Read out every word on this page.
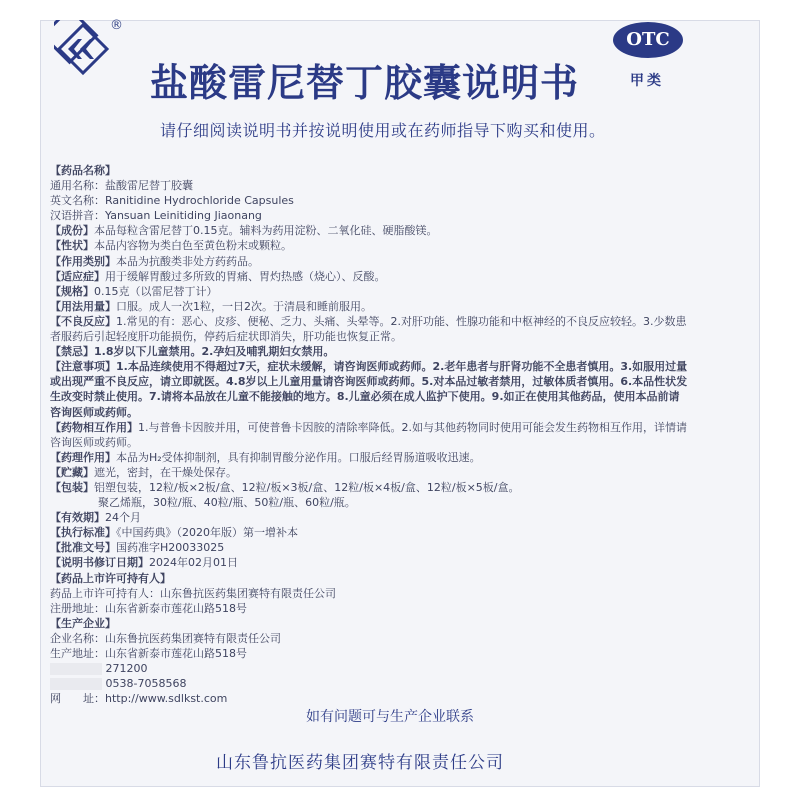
®
盐酸雷尼替丁胶囊说明书
OTC
甲类
请仔细阅读说明书并按说明使用或在药师指导下购买和使用。
【药品名称】
通用名称：盐酸雷尼替丁胶囊
英文名称：Ranitidine Hydrochloride Capsules
汉语拼音：Yansuan Leinitiding Jiaonang
【成份】本品每粒含雷尼替丁0.15克。辅料为药用淀粉、二氧化硅、硬脂酸镁。
【性状】本品内容物为类白色至黄色粉末或颗粒。
【作用类别】本品为抗酸类非处方药药品。
【适应症】用于缓解胃酸过多所致的胃痛、胃灼热感（烧心）、反酸。
【规格】0.15克（以雷尼替丁计）
【用法用量】口服。成人一次1粒，一日2次。于清晨和睡前服用。
【不良反应】1.常见的有：恶心、皮疹、便秘、乏力、头痛、头晕等。2.对肝功能、性腺功能和中枢神经的不良反应较轻。3.少数患者服药后引起轻度肝功能损伤，停药后症状即消失，肝功能也恢复正常。
【禁忌】1.8岁以下儿童禁用。2.孕妇及哺乳期妇女禁用。
【注意事项】1.本品连续使用不得超过7天，症状未缓解，请咨询医师或药师。2.老年患者与肝肾功能不全患者慎用。3.如服用过量或出现严重不良反应，请立即就医。4.8岁以上儿童用量请咨询医师或药师。5.对本品过敏者禁用，过敏体质者慎用。6.本品性状发生改变时禁止使用。7.请将本品放在儿童不能接触的地方。8.儿童必须在成人监护下使用。9.如正在使用其他药品，使用本品前请咨询医师或药师。
【药物相互作用】1.与普鲁卡因胺并用，可使普鲁卡因胺的清除率降低。2.如与其他药物同时使用可能会发生药物相互作用，详情请咨询医师或药师。
【药理作用】本品为H₂受体抑制剂，具有抑制胃酸分泌作用。口服后经胃肠道吸收迅速。
【贮藏】遮光，密封，在干燥处保存。
【包装】铝塑包装，12粒/板×2板/盒、12粒/板×3板/盒、12粒/板×4板/盒、12粒/板×5板/盒。
聚乙烯瓶，30粒/瓶、40粒/瓶、50粒/瓶、60粒/瓶。
【有效期】24个月
【执行标准】《中国药典》（2020年版）第一增补本
【批准文号】国药准字H20033025
【说明书修订日期】2024年02月01日
【药品上市许可持有人】
药品上市许可持有人：山东鲁抗医药集团赛特有限责任公司
注册地址：山东省新泰市莲花山路518号
【生产企业】
企业名称：山东鲁抗医药集团赛特有限责任公司
生产地址：山东省新泰市莲花山路518号
271200
0538-7058568
网　　址：http://www.sdlkst.com
如有问题可与生产企业联系
山东鲁抗医药集团赛特有限责任公司
